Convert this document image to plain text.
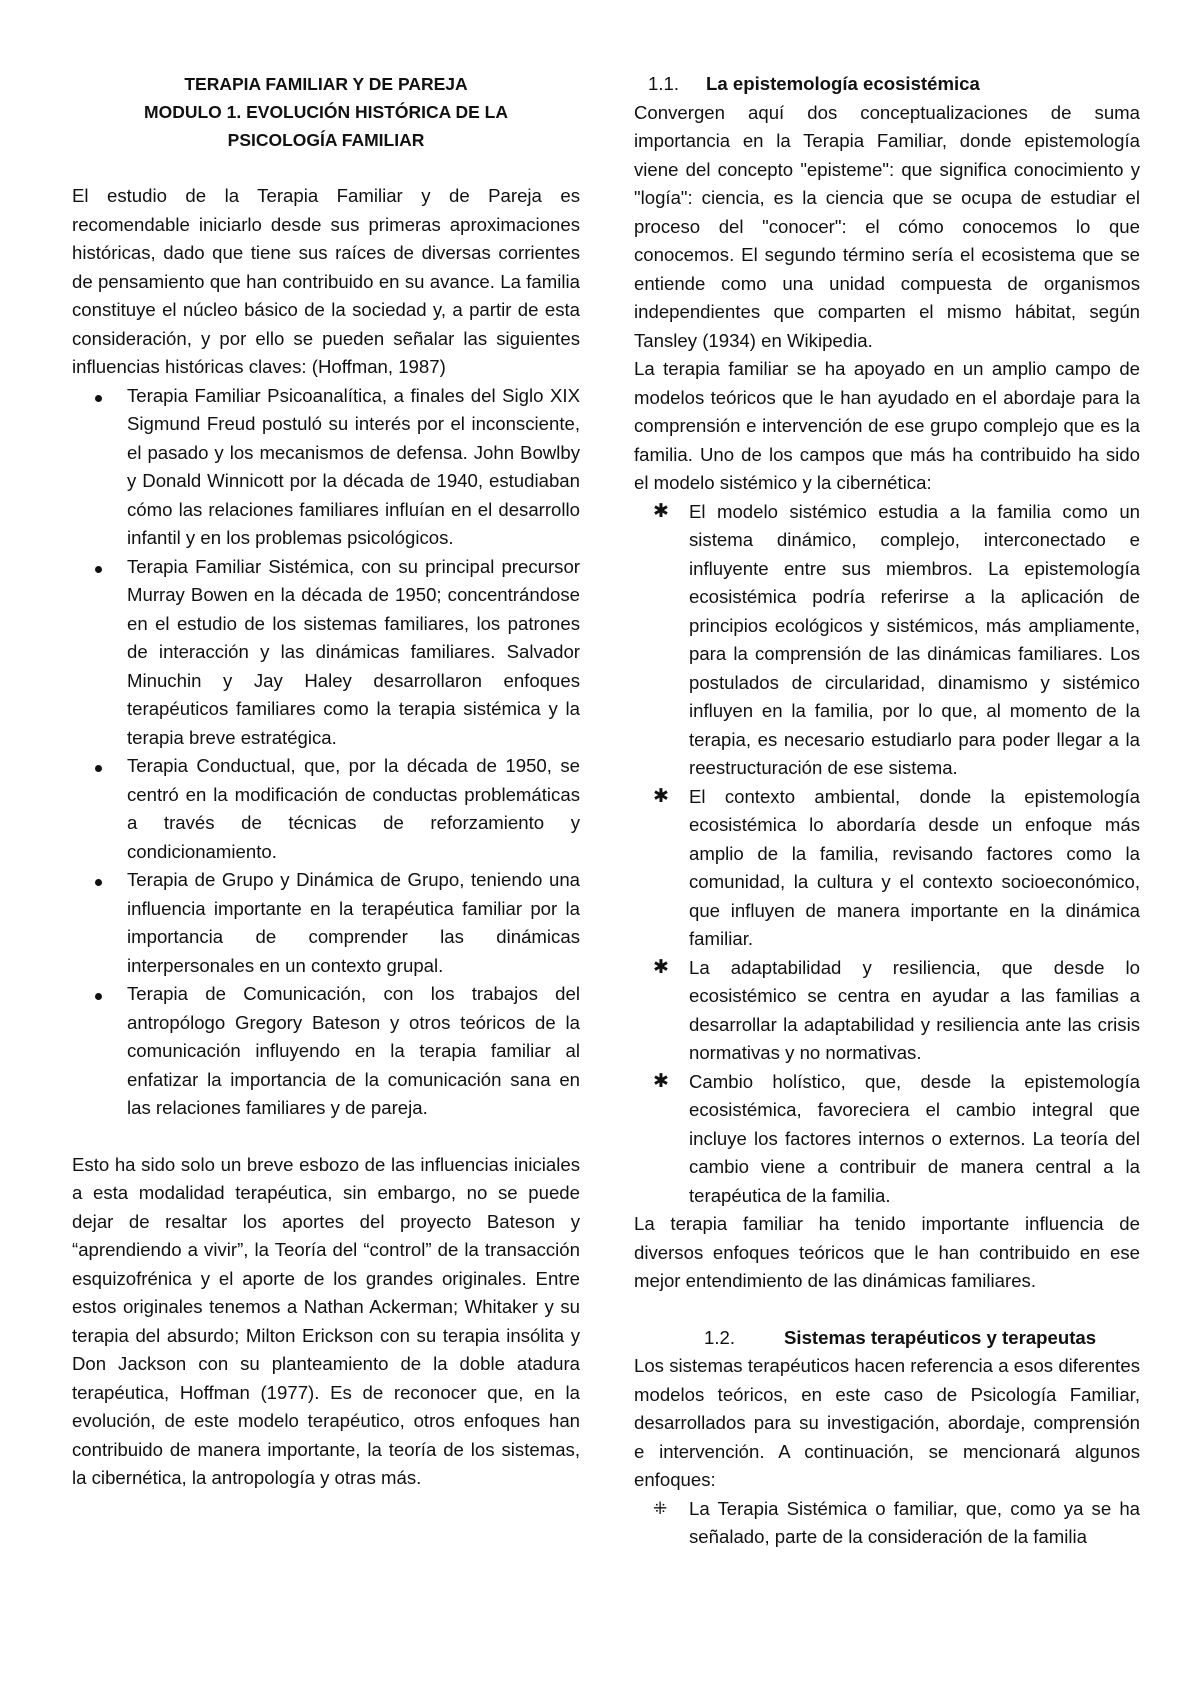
TERAPIA FAMILIAR Y DE PAREJA

MODULO 1. EVOLUCIÓN HISTÓRICA DE LA

PSICOLOGÍA FAMILIAR

El estudio de la Terapia Familiar y de Pareja es recomendable iniciarlo desde sus primeras aproximaciones históricas, dado que tiene sus raíces de diversas corrientes de pensamiento que han contribuido en su avance. La familia constituye el núcleo básico de la sociedad y, a partir de esta consideración, y por ello se pueden señalar las siguientes influencias históricas claves: (Hoffman, 1987)

Terapia Familiar Psicoanalítica, a finales del Siglo XIX Sigmund Freud postuló su interés por el inconsciente, el pasado y los mecanismos de defensa. John Bowlby y Donald Winnicott por la década de 1940, estudiaban cómo las relaciones familiares influían en el desarrollo infantil y en los problemas psicológicos.
Terapia Familiar Sistémica, con su principal precursor Murray Bowen en la década de 1950; concentrándose en el estudio de los sistemas familiares, los patrones de interacción y las dinámicas familiares. Salvador Minuchin y Jay Haley desarrollaron enfoques terapéuticos familiares como la terapia sistémica y la terapia breve estratégica.
Terapia Conductual, que, por la década de 1950, se centró en la modificación de conductas problemáticas a través de técnicas de reforzamiento y condicionamiento.
Terapia de Grupo y Dinámica de Grupo, teniendo una influencia importante en la terapéutica familiar por la importancia de comprender las dinámicas interpersonales en un contexto grupal.
Terapia de Comunicación, con los trabajos del antropólogo Gregory Bateson y otros teóricos de la comunicación influyendo en la terapia familiar al enfatizar la importancia de la comunicación sana en las relaciones familiares y de pareja.

Esto ha sido solo un breve esbozo de las influencias iniciales a esta modalidad terapéutica, sin embargo, no se puede dejar de resaltar los aportes del proyecto Bateson y “aprendiendo a vivir”, la Teoría del “control” de la transacción esquizofrénica y el aporte de los grandes originales. Entre estos originales tenemos a Nathan Ackerman; Whitaker y su terapia del absurdo; Milton Erickson con su terapia insólita y Don Jackson con su planteamiento de la doble atadura terapéutica, Hoffman (1977). Es de reconocer que, en la evolución, de este modelo terapéutico, otros enfoques han contribuido de manera importante, la teoría de los sistemas, la cibernética, la antropología y otras más.

1.1. La epistemología ecosistémica

Convergen aquí dos conceptualizaciones de suma importancia en la Terapia Familiar, donde epistemología viene del concepto "episteme": que significa conocimiento y "logía": ciencia, es la ciencia que se ocupa de estudiar el proceso del "conocer": el cómo conocemos lo que conocemos. El segundo término sería el ecosistema que se entiende como una unidad compuesta de organismos independientes que comparten el mismo hábitat, según Tansley (1934) en Wikipedia.

La terapia familiar se ha apoyado en un amplio campo de modelos teóricos que le han ayudado en el abordaje para la comprensión e intervención de ese grupo complejo que es la familia. Uno de los campos que más ha contribuido ha sido el modelo sistémico y la cibernética:

✱ El modelo sistémico estudia a la familia como un sistema dinámico, complejo, interconectado e influyente entre sus miembros. La epistemología ecosistémica podría referirse a la aplicación de principios ecológicos y sistémicos, más ampliamente, para la comprensión de las dinámicas familiares. Los postulados de circularidad, dinamismo y sistémico influyen en la familia, por lo que, al momento de la terapia, es necesario estudiarlo para poder llegar a la reestructuración de ese sistema.
✱ El contexto ambiental, donde la epistemología ecosistémica lo abordaría desde un enfoque más amplio de la familia, revisando factores como la comunidad, la cultura y el contexto socioeconómico, que influyen de manera importante en la dinámica familiar.
✱ La adaptabilidad y resiliencia, que desde lo ecosistémico se centra en ayudar a las familias a desarrollar la adaptabilidad y resiliencia ante las crisis normativas y no normativas.
✱ Cambio holístico, que, desde la epistemología ecosistémica, favoreciera el cambio integral que incluye los factores internos o externos. La teoría del cambio viene a contribuir de manera central a la terapéutica de la familia.

La terapia familiar ha tenido importante influencia de diversos enfoques teóricos que le han contribuido en ese mejor entendimiento de las dinámicas familiares.

1.2.	Sistemas terapéuticos y terapeutas

Los sistemas terapéuticos hacen referencia a esos diferentes modelos teóricos, en este caso de Psicología Familiar, desarrollados para su investigación, abordaje, comprensión e intervención. A continuación, se mencionará algunos enfoques:

⁜ La Terapia Sistémica o familiar, que, como ya se ha señalado, parte de la consideración de la familia
